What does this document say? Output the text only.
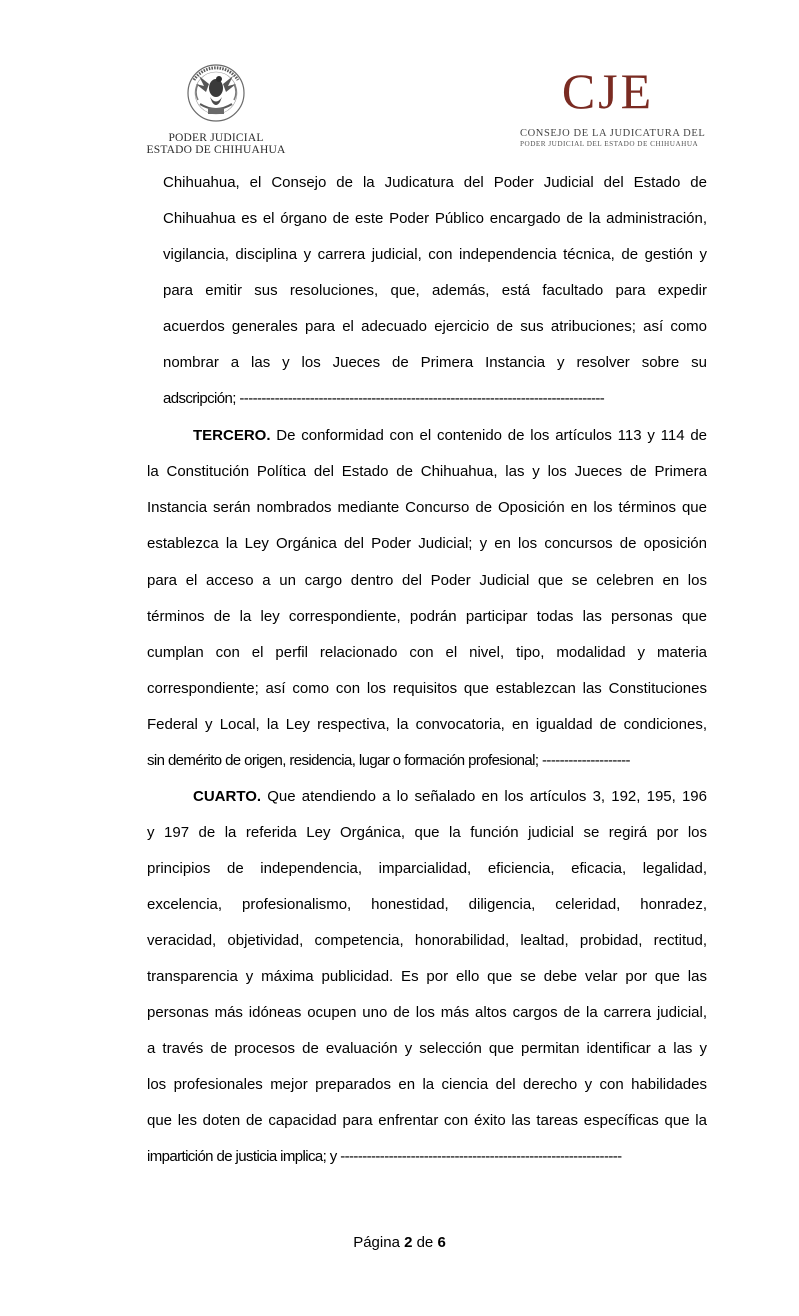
PODER JUDICIAL
ESTADO DE CHIHUAHUA
CJE
CONSEJO DE LA JUDICATURA DEL
PODER JUDICIAL DEL ESTADO DE CHIHUAHUA
Chihuahua, el Consejo de la Judicatura del Poder Judicial del Estado de
Chihuahua es el órgano de este Poder Público encargado de la administración,
vigilancia, disciplina y carrera judicial, con independencia técnica, de gestión y
para emitir sus resoluciones, que, además, está facultado para expedir
acuerdos generales para el adecuado ejercicio de sus atribuciones; así como
nombrar a las y los Jueces de Primera Instancia y resolver sobre su
adscripción; -----------------------------------------------------------------------------------
TERCERO. De conformidad con el contenido de los artículos 113 y 114 de
la Constitución Política del Estado de Chihuahua, las y los Jueces de Primera
Instancia serán nombrados mediante Concurso de Oposición en los términos que
establezca la Ley Orgánica del Poder Judicial; y en los concursos de oposición
para el acceso a un cargo dentro del Poder Judicial que se celebren en los
términos de la ley correspondiente, podrán participar todas las personas que
cumplan con el perfil relacionado con el nivel, tipo, modalidad y materia
correspondiente; así como con los requisitos que establezcan las Constituciones
Federal y Local, la Ley respectiva, la convocatoria, en igualdad de condiciones,
sin demérito de origen, residencia, lugar o formación profesional; --------------------
CUARTO. Que atendiendo a lo señalado en los artículos 3, 192, 195, 196
y 197 de la referida Ley Orgánica, que la función judicial se regirá por los
principios de independencia, imparcialidad, eficiencia, eficacia, legalidad,
excelencia, profesionalismo, honestidad, diligencia, celeridad, honradez,
veracidad, objetividad, competencia, honorabilidad, lealtad, probidad, rectitud,
transparencia y máxima publicidad. Es por ello que se debe velar por que las
personas más idóneas ocupen uno de los más altos cargos de la carrera judicial,
a través de procesos de evaluación y selección que permitan identificar a las y
los profesionales mejor preparados en la ciencia del derecho y con habilidades
que les doten de capacidad para enfrentar con éxito las tareas específicas que la
impartición de justicia implica; y ----------------------------------------------------------------
Página 2 de 6
